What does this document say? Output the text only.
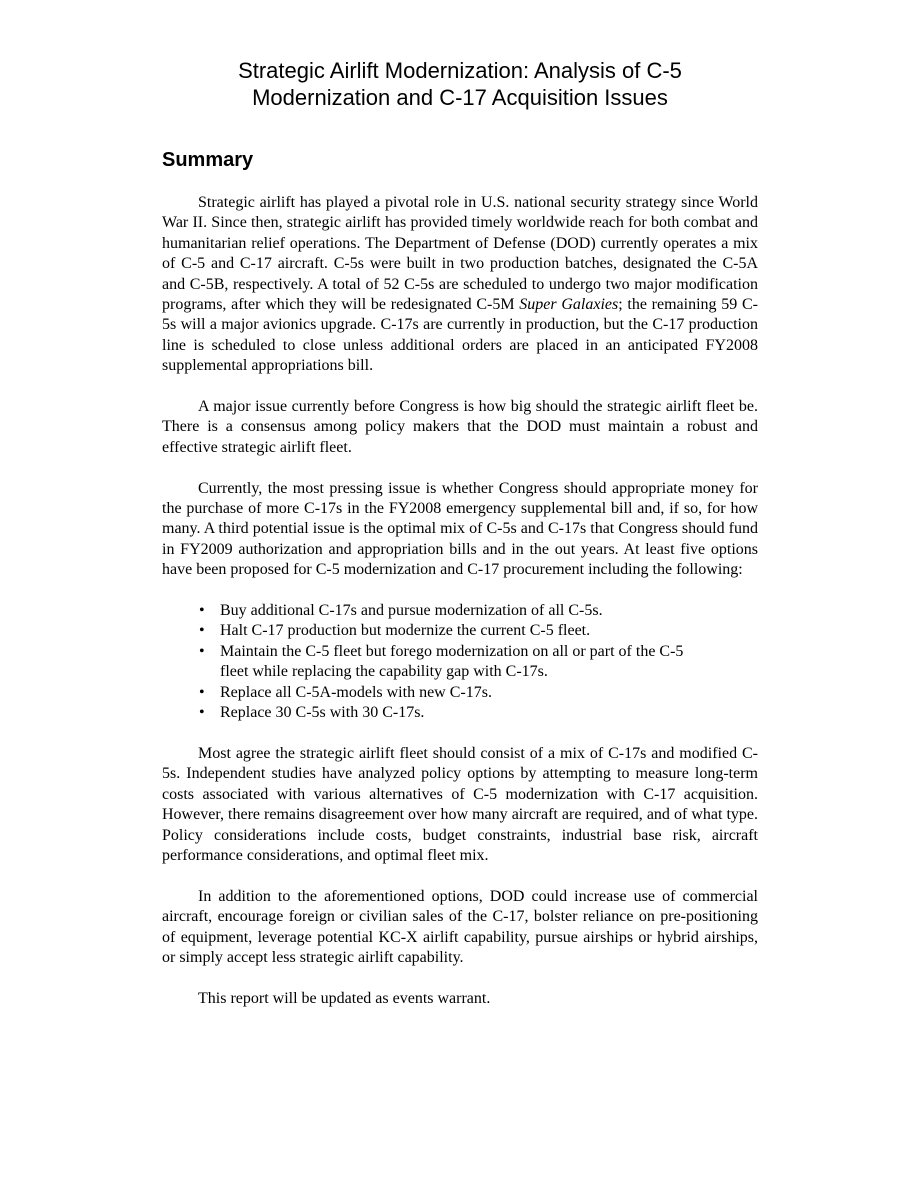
Strategic Airlift Modernization: Analysis of C-5
Modernization and C-17 Acquisition Issues
Summary

Strategic airlift has played a pivotal role in U.S. national security strategy since World War II. Since then, strategic airlift has provided timely worldwide reach for both combat and humanitarian relief operations. The Department of Defense (DOD) currently operates a mix of C-5 and C-17 aircraft. C-5s were built in two production batches, designated the C-5A and C-5B, respectively. A total of 52 C-5s are scheduled to undergo two major modification programs, after which they will be redesignated C-5M Super Galaxies; the remaining 59 C-5s will a major avionics upgrade. C-17s are currently in production, but the C-17 production line is scheduled to close unless additional orders are placed in an anticipated FY2008 supplemental appropriations bill.

A major issue currently before Congress is how big should the strategic airlift fleet be. There is a consensus among policy makers that the DOD must maintain a robust and effective strategic airlift fleet.

Currently, the most pressing issue is whether Congress should appropriate money for the purchase of more C-17s in the FY2008 emergency supplemental bill and, if so, for how many. A third potential issue is the optimal mix of C-5s and C-17s that Congress should fund in FY2009 authorization and appropriation bills and in the out years. At least five options have been proposed for C-5 modernization and C-17 procurement including the following:

• Buy additional C-17s and pursue modernization of all C-5s.
• Halt C-17 production but modernize the current C-5 fleet.
• Maintain the C-5 fleet but forego modernization on all or part of the C-5 fleet while replacing the capability gap with C-17s.
• Replace all C-5A-models with new C-17s.
• Replace 30 C-5s with 30 C-17s.

Most agree the strategic airlift fleet should consist of a mix of C-17s and modified C-5s. Independent studies have analyzed policy options by attempting to measure long-term costs associated with various alternatives of C-5 modernization with C-17 acquisition. However, there remains disagreement over how many aircraft are required, and of what type. Policy considerations include costs, budget constraints, industrial base risk, aircraft performance considerations, and optimal fleet mix.

In addition to the aforementioned options, DOD could increase use of commercial aircraft, encourage foreign or civilian sales of the C-17, bolster reliance on pre-positioning of equipment, leverage potential KC-X airlift capability, pursue airships or hybrid airships, or simply accept less strategic airlift capability.

This report will be updated as events warrant.
